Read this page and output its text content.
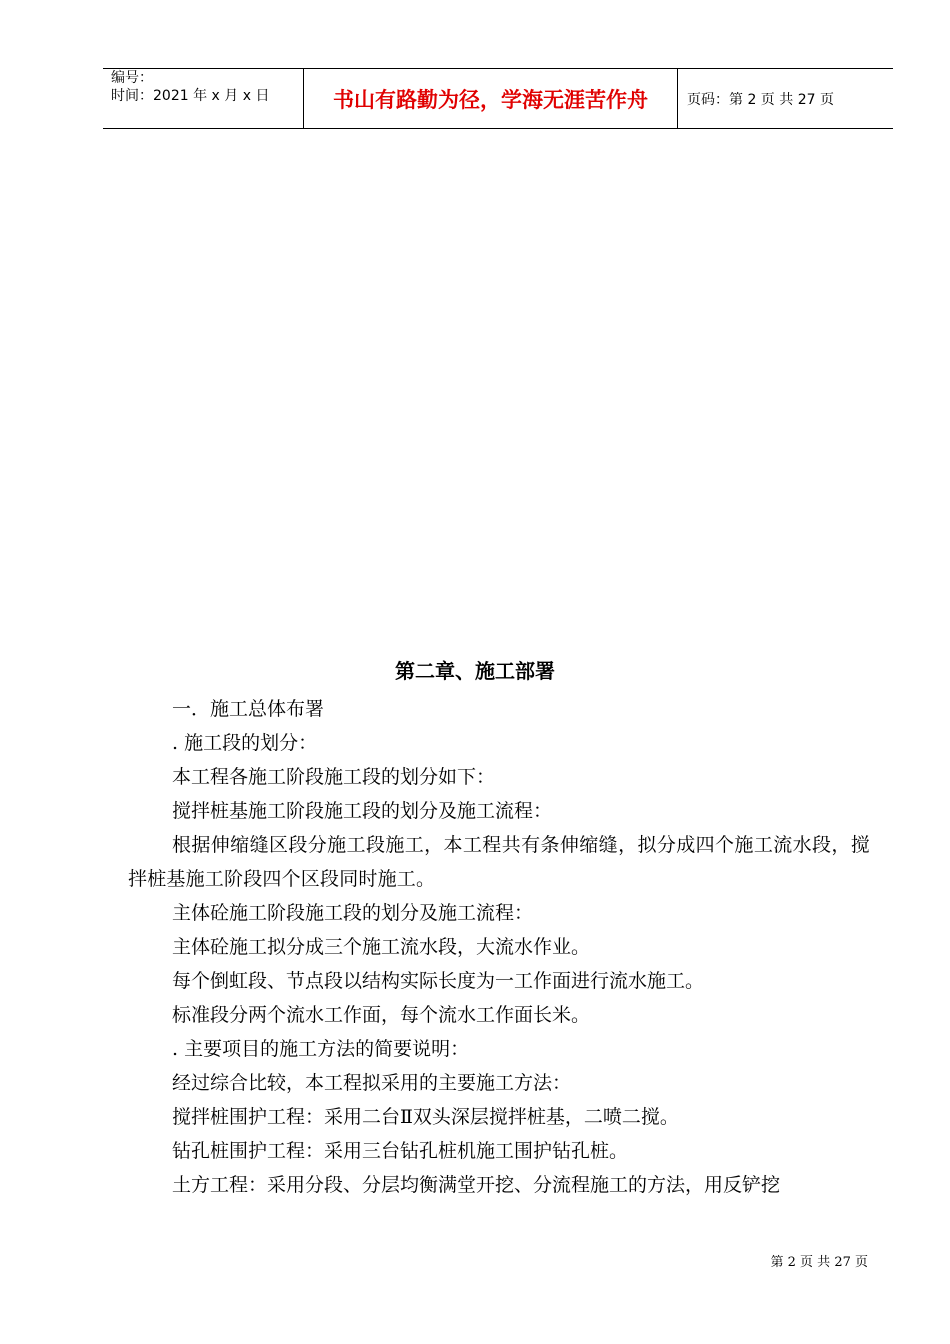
编号：
时间：2021 年 x 月 x 日	书山有路勤为径，学海无涯苦作舟	页码：第 2 页 共 27 页
第二章、施工部署

一．施工总体布署

. 施工段的划分：

本工程各施工阶段施工段的划分如下：

搅拌桩基施工阶段施工段的划分及施工流程：

根据伸缩缝区段分施工段施工，本工程共有条伸缩缝，拟分成四个施工流水段，搅拌桩基施工阶段四个区段同时施工。

主体砼施工阶段施工段的划分及施工流程：

主体砼施工拟分成三个施工流水段，大流水作业。

每个倒虹段、节点段以结构实际长度为一工作面进行流水施工。

标准段分两个流水工作面，每个流水工作面长米。

. 主要项目的施工方法的简要说明：

经过综合比较，本工程拟采用的主要施工方法：

搅拌桩围护工程：采用二台Ⅱ双头深层搅拌桩基，二喷二搅。

钻孔桩围护工程：采用三台钻孔桩机施工围护钻孔桩。

土方工程：采用分段、分层均衡满堂开挖、分流程施工的方法，用反铲挖

第 2 页 共 27 页
